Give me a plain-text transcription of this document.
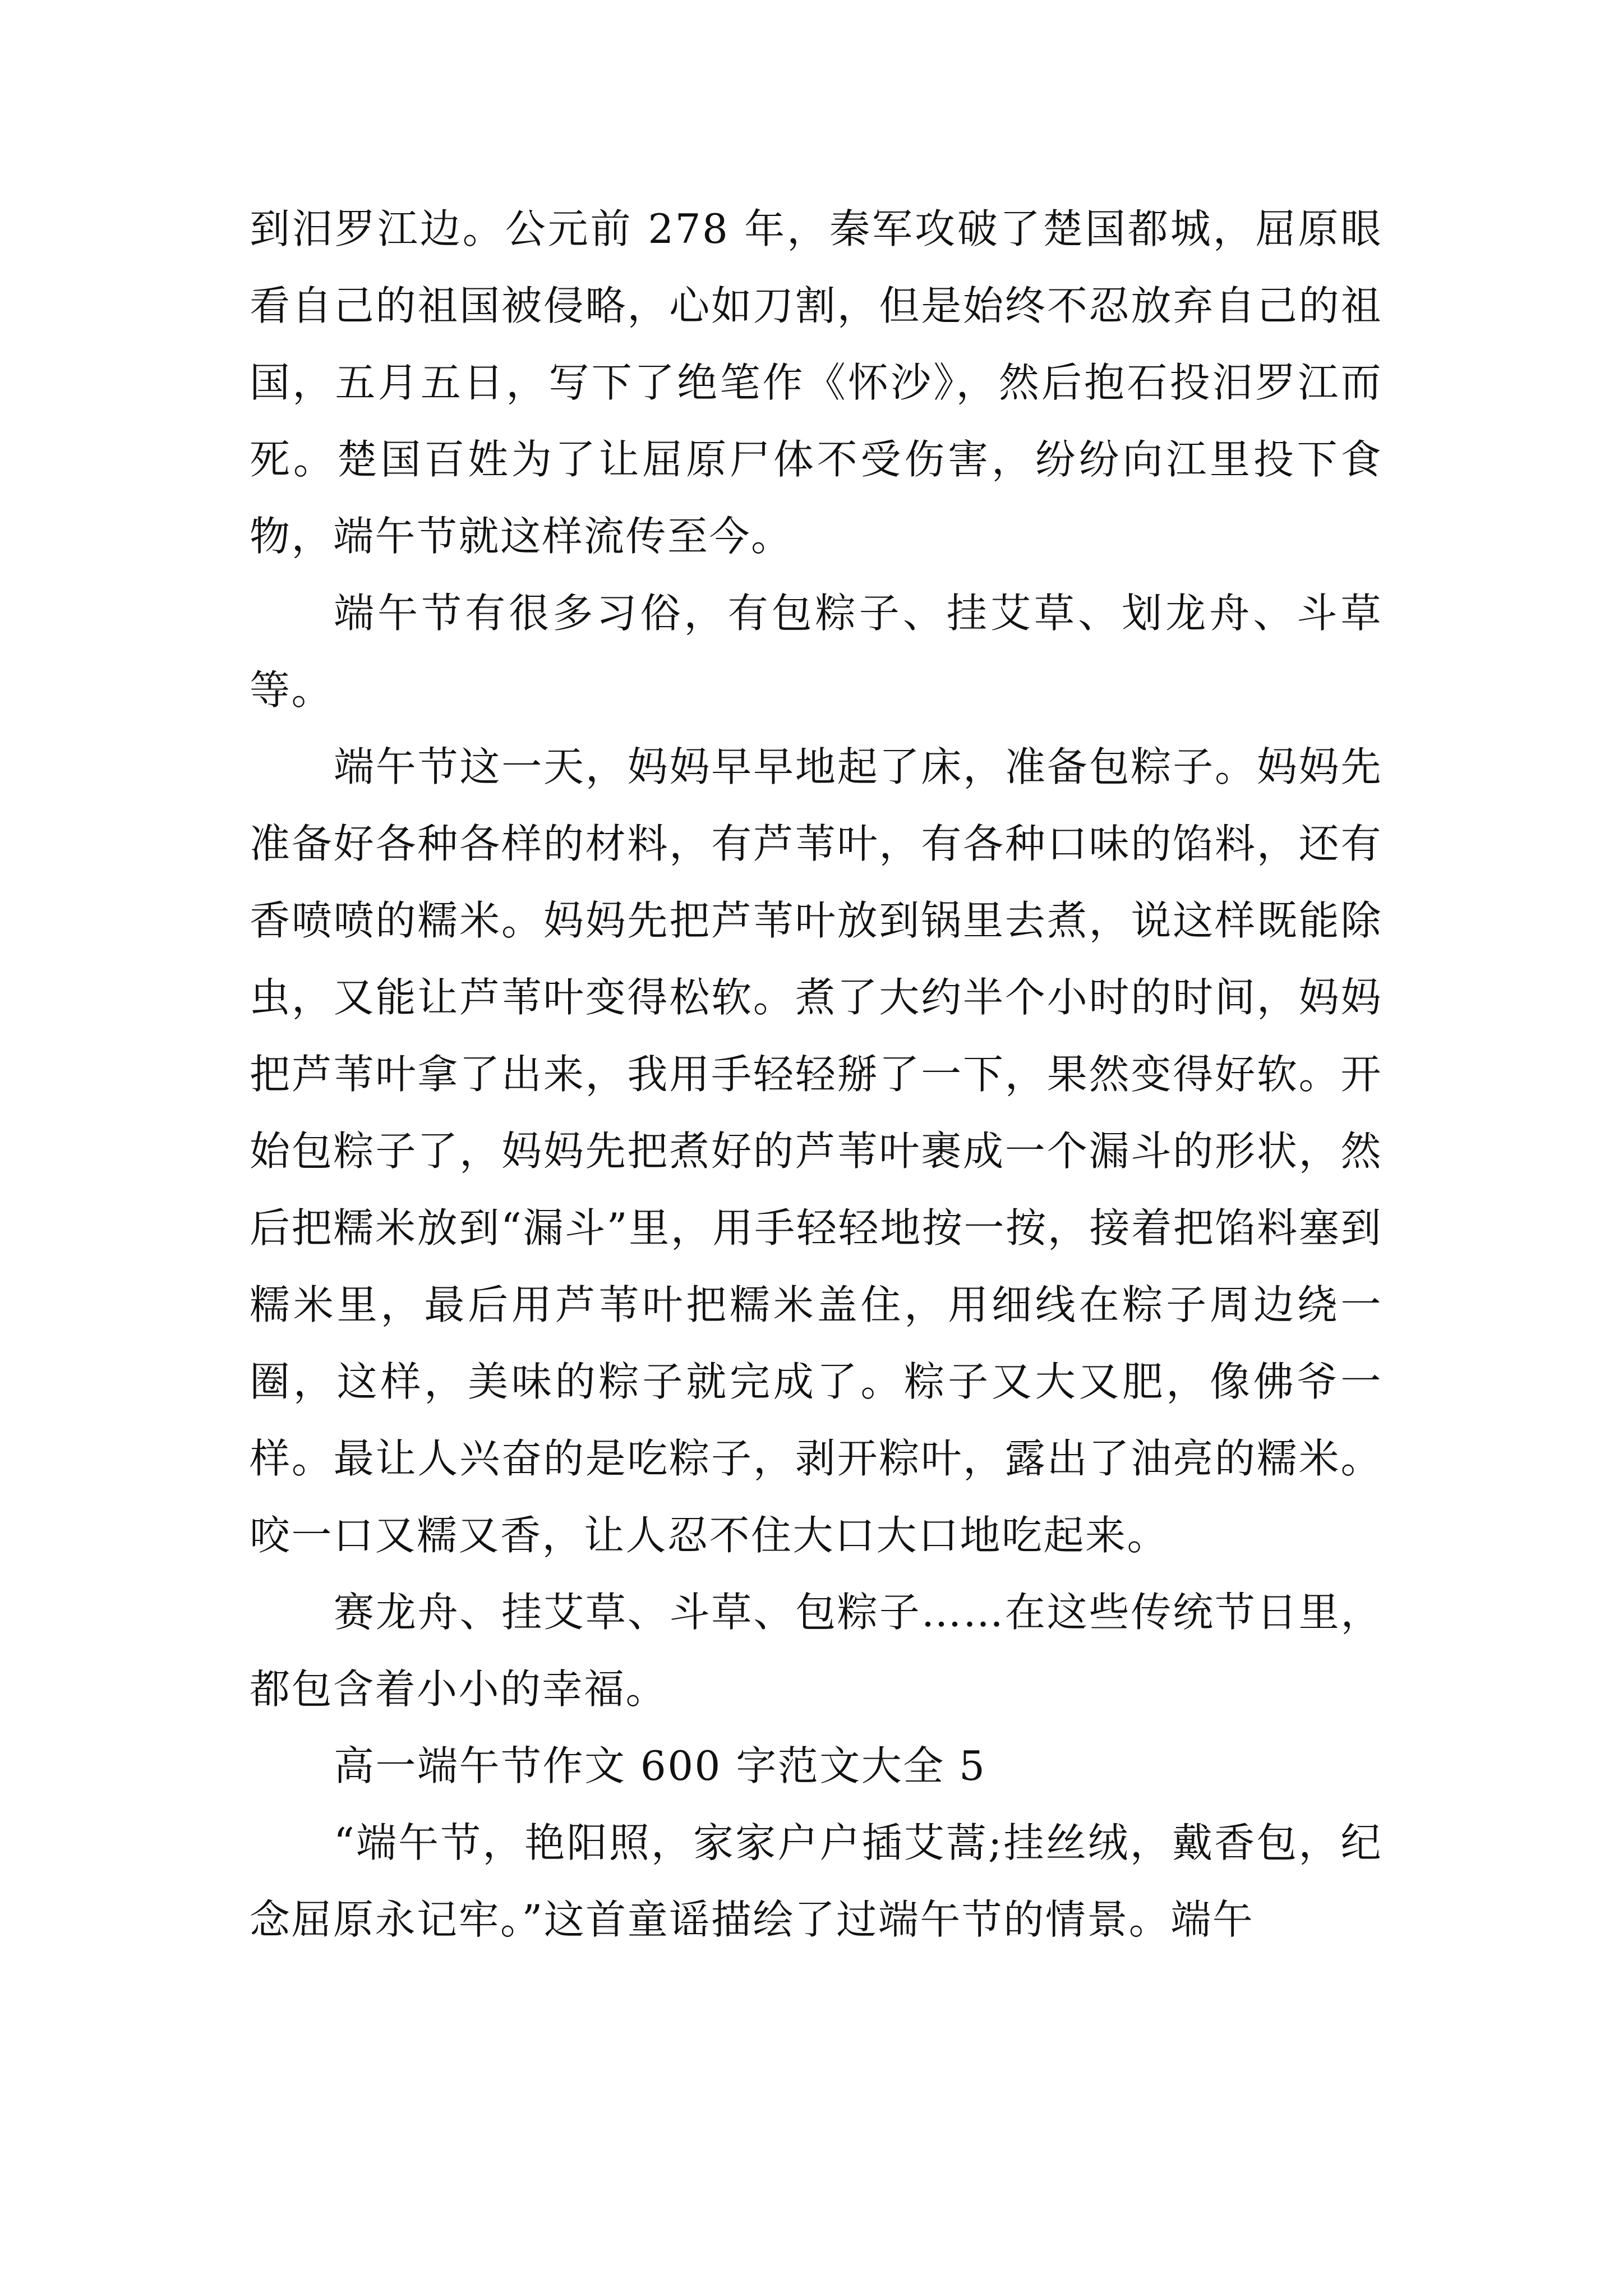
到汨罗江边。公元前 278 年，秦军攻破了楚国都城，屈原眼看自己的祖国被侵略，心如刀割，但是始终不忍放弃自己的祖国，五月五日，写下了绝笔作《怀沙》，然后抱石投汨罗江而死。楚国百姓为了让屈原尸体不受伤害，纷纷向江里投下食物，端午节就这样流传至今。

端午节有很多习俗，有包粽子、挂艾草、划龙舟、斗草等。

端午节这一天，妈妈早早地起了床，准备包粽子。妈妈先准备好各种各样的材料，有芦苇叶，有各种口味的馅料，还有香喷喷的糯米。妈妈先把芦苇叶放到锅里去煮，说这样既能除虫，又能让芦苇叶变得松软。煮了大约半个小时的时间，妈妈把芦苇叶拿了出来，我用手轻轻掰了一下，果然变得好软。开始包粽子了，妈妈先把煮好的芦苇叶裹成一个漏斗的形状，然后把糯米放到“漏斗”里，用手轻轻地按一按，接着把馅料塞到糯米里，最后用芦苇叶把糯米盖住，用细线在粽子周边绕一圈，这样，美味的粽子就完成了。粽子又大又肥，像佛爷一样。最让人兴奋的是吃粽子，剥开粽叶，露出了油亮的糯米。咬一口又糯又香，让人忍不住大口大口地吃起来。

赛龙舟、挂艾草、斗草、包粽子……在这些传统节日里，都包含着小小的幸福。

高一端午节作文 600 字范文大全 5

“端午节，艳阳照，家家户户插艾蒿;挂丝绒，戴香包，纪念屈原永记牢。”这首童谣描绘了过端午节的情景。端午
